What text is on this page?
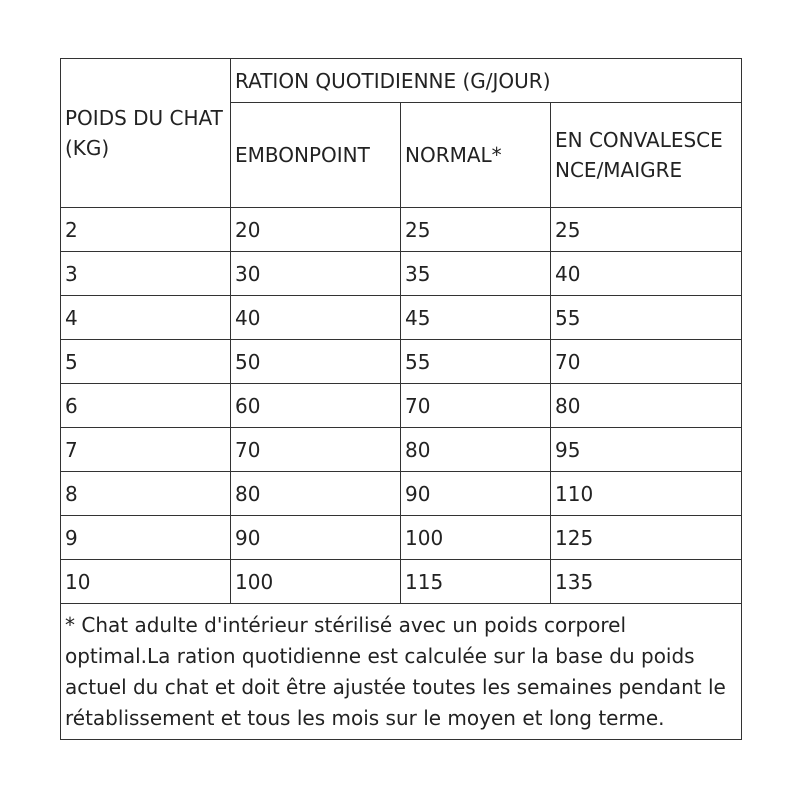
POIDS DU CHAT (KG)	RATION QUOTIDIENNE (G/JOUR)		
	EMBONPOINT	NORMAL*	EN CONVALESCENCE/MAIGRE
2	20	25	25
3	30	35	40
4	40	45	55
5	50	55	70
6	60	70	80
7	70	80	95
8	80	90	110
9	90	100	125
10	100	115	135
* Chat adulte d'intérieur stérilisé avec un poids corporel optimal.La ration quotidienne est calculée sur la base du poids actuel du chat et doit être ajustée toutes les semaines pendant le rétablissement et tous les mois sur le moyen et long terme.			
